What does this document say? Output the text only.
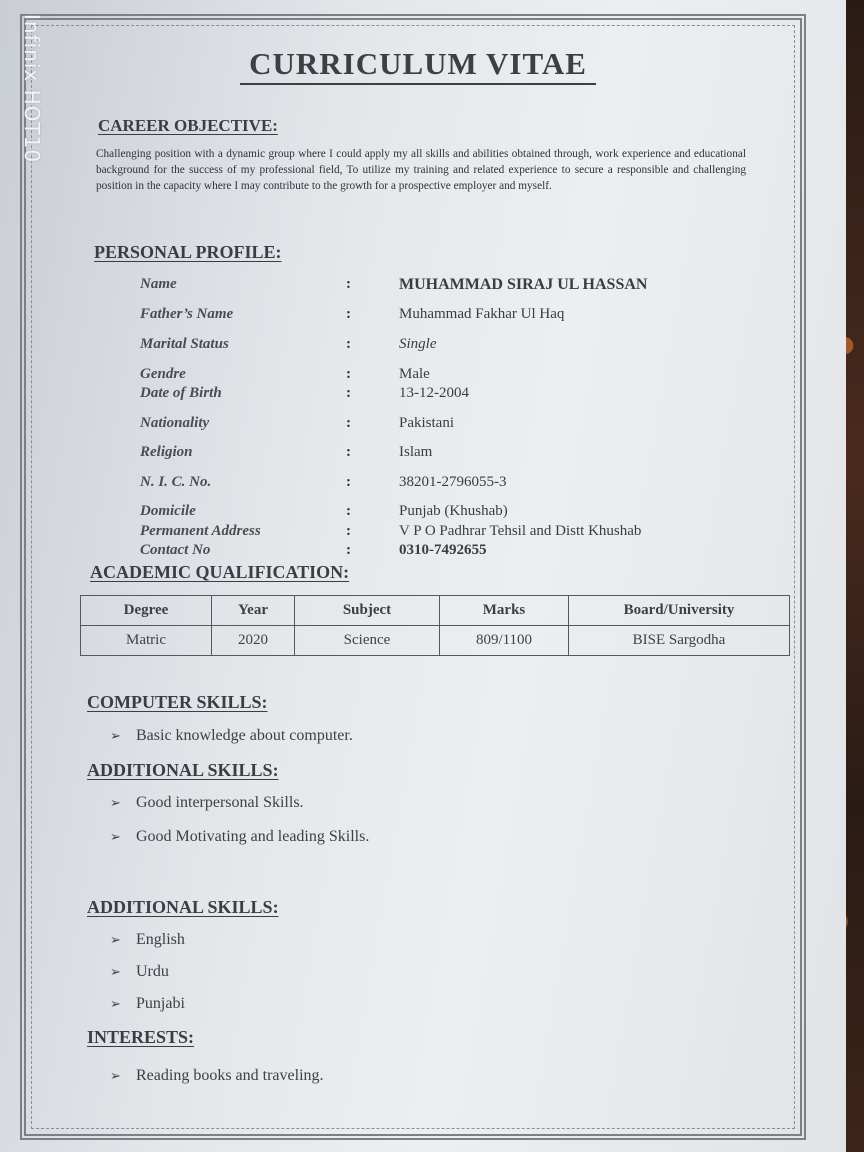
Infinix HOT10	CURRICULUM VITAE
CAREER OBJECTIVE:
Challenging position with a dynamic group where I could apply my all skills and abilities obtained through, work experience and educational background for the success of my professional field, To utilize my training and related experience to secure a responsible and challenging position in the capacity where I may contribute to the growth for a prospective employer and myself.
PERSONAL PROFILE:
Name	:	MUHAMMAD SIRAJ UL HASSAN
Father’s Name	:	Muhammad Fakhar Ul Haq
Marital Status	:	Single
Gendre	:	Male
Date of Birth	:	13-12-2004
Nationality	:	Pakistani
Religion	:	Islam
N. I. C. No.	:	38201-2796055-3
Domicile	:	Punjab (Khushab)
Permanent Address	:	V P O Padhrar Tehsil and Distt Khushab
Contact No	:	0310-7492655
ACADEMIC QUALIFICATION:
Degree	Year	Subject	Marks	Board/University
Matric	2020	Science	809/1100	BISE Sargodha
COMPUTER SKILLS:
➢ Basic knowledge about computer.
ADDITIONAL SKILLS:
➢ Good interpersonal Skills.
➢ Good Motivating and leading Skills.
ADDITIONAL SKILLS:
➢ English
➢ Urdu
➢ Punjabi
INTERESTS:
➢ Reading books and traveling.
